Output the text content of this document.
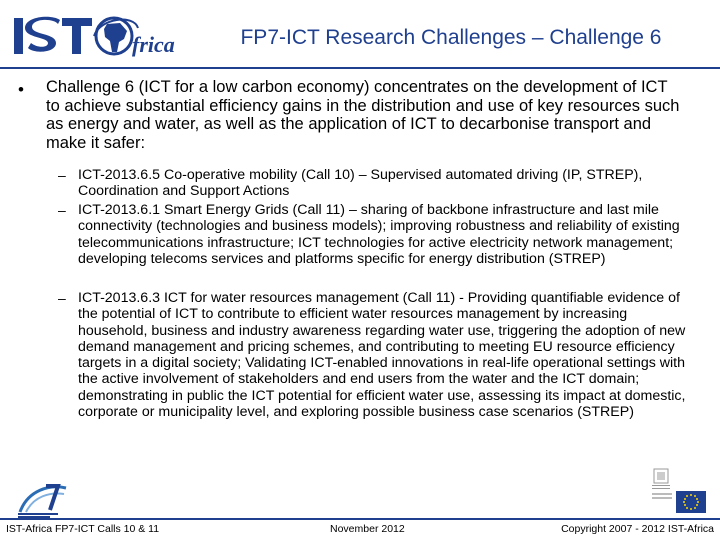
frica	FP7-ICT Research Challenges – Challenge 6
• Challenge 6 (ICT for a low carbon economy) concentrates on the development of ICT to achieve substantial efficiency gains in the distribution and use of key resources such as energy and water, as well as the application of ICT to decarbonise transport and make it safer:
– ICT-2013.6.5 Co-operative mobility (Call 10) – Supervised automated driving (IP, STREP), Coordination and Support Actions
– ICT-2013.6.1 Smart Energy Grids (Call 11) – sharing of backbone infrastructure and last mile connectivity (technologies and business models); improving robustness and reliability of existing telecommunications infrastructure; ICT technologies for active electricity network management; developing telecoms services and platforms specific for energy distribution (STREP)
– ICT-2013.6.3 ICT for water resources management (Call 11) - Providing quantifiable evidence of the potential of ICT to contribute to efficient water resources management by increasing household, business and industry awareness regarding water use, triggering the adoption of new demand management and pricing schemes, and contributing to meeting EU resource efficiency targets in a digital society; Validating ICT-enabled innovations in real-life operational settings with the active involvement of stakeholders and end users from the water and the ICT domain; demonstrating in public the ICT potential for efficient water use, assessing its impact at domestic, corporate or municipality level, and exploring possible business case scenarios (STREP)
IST-Africa FP7-ICT Calls 10 & 11	November 2012	Copyright 2007 - 2012 IST-Africa
